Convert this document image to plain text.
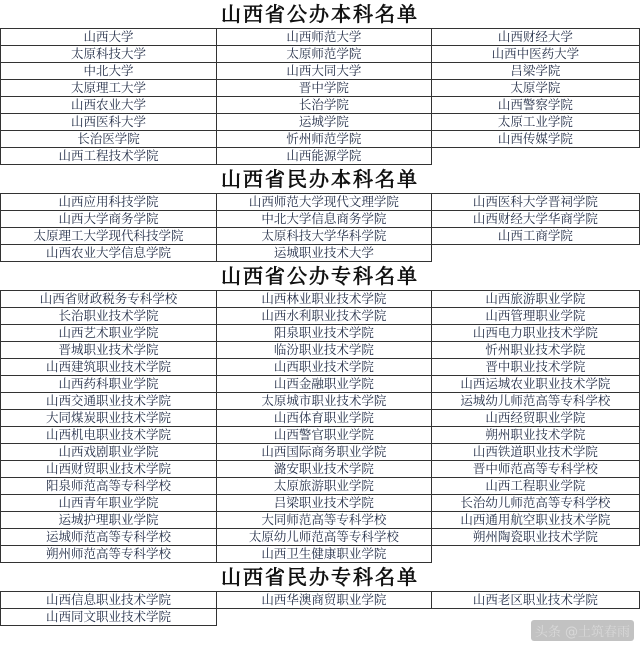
山西省公办本科名单
山西大学	山西师范大学	山西财经大学
太原科技大学	太原师范学院	山西中医药大学
中北大学	山西大同大学	吕梁学院
太原理工大学	晋中学院	太原学院
山西农业大学	长治学院	山西警察学院
山西医科大学	运城学院	太原工业学院
长治医学院	忻州师范学院	山西传媒学院
山西工程技术学院	山西能源学院	
山西省民办本科名单
山西应用科技学院	山西师范大学现代文理学院	山西医科大学晋祠学院
山西大学商务学院	中北大学信息商务学院	山西财经大学华商学院
太原理工大学现代科技学院	太原科技大学华科学院	山西工商学院
山西农业大学信息学院	运城职业技术大学	
山西省公办专科名单
山西省财政税务专科学校	山西林业职业技术学院	山西旅游职业学院
长治职业技术学院	山西水利职业技术学院	山西管理职业学院
山西艺术职业学院	阳泉职业技术学院	山西电力职业技术学院
晋城职业技术学院	临汾职业技术学院	忻州职业技术学院
山西建筑职业技术学院	山西职业技术学院	晋中职业技术学院
山西药科职业学院	山西金融职业学院	山西运城农业职业技术学院
山西交通职业技术学院	太原城市职业技术学院	运城幼儿师范高等专科学校
大同煤炭职业技术学院	山西体育职业学院	山西经贸职业学院
山西机电职业技术学院	山西警官职业学院	朔州职业技术学院
山西戏剧职业学院	山西国际商务职业学院	山西铁道职业技术学院
山西财贸职业技术学院	潞安职业技术学院	晋中师范高等专科学校
阳泉师范高等专科学校	太原旅游职业学院	山西工程职业学院
山西青年职业学院	吕梁职业技术学院	长治幼儿师范高等专科学校
运城护理职业学院	大同师范高等专科学校	山西通用航空职业技术学院
运城师范高等专科学校	太原幼儿师范高等专科学校	朔州陶瓷职业技术学院
朔州师范高等专科学校	山西卫生健康职业学院	
山西省民办专科名单
山西信息职业技术学院	山西华澳商贸职业学院	山西老区职业技术学院
山西同文职业技术学院		
头条 @土筑春雨
